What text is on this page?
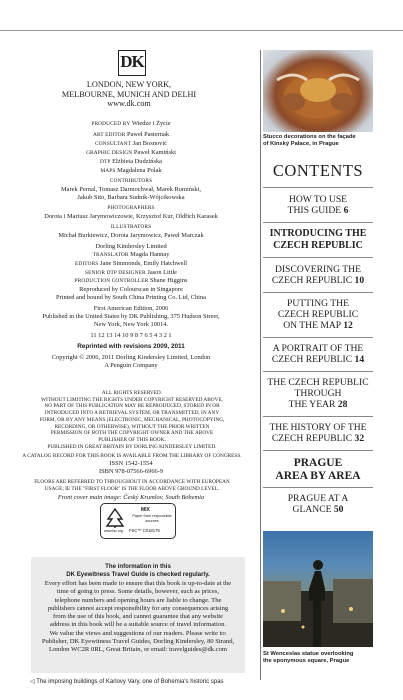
DK
LONDON, NEW YORK,
MELBOURNE, MUNICH AND DELHI
www.dk.com
PRODUCED BY Wiedze i Życie
ART EDITOR Paweł Pasternak
CONSULTANT Jan Bosnović
GRAPHIC DESIGN Paweł Kamiński
DTP Elżbieta Dudzińska
MAPS Magdalena Polak
CONTRIBUTORS
Marek Pernal, Tomasz Darmochwał, Marek Rumiński,
Jakub Sito, Barbara Sudnik-Wójcikowska
PHOTOGRAPHERS
Dorota i Mariusz Jarymowiczowie, Krzysztof Kur, Oldřich Karasek
ILLUSTRATORS
Michał Burkiewicz, Dorota Jarymowicz, Paweł Marczak
Dorling Kindersley Limited
TRANSLATOR Magda Hannay
EDITORS Jane Simmonds, Emily Hatchwell
SENIOR DTP DESIGNER Jason Little
PRODUCTION CONTROLLER Shane Higgins
Reproduced by Colourscan in Singapore
Printed and bound by South China Printing Co. Ltd, China
First American Edition, 2006
Published in the United States by DK Publishing, 375 Hudson Street,
New York, New York 10014.
11 12 13 14 10 9 8 7 6 5 4 3 2 1
Reprinted with revisions 2009, 2011
Copyright © 2006, 2011 Dorling Kindersley Limited, London
A Penguin Company
ALL RIGHTS RESERVED.
WITHOUT LIMITING THE RIGHTS UNDER COPYRIGHT RESERVED ABOVE,
NO PART OF THIS PUBLICATION MAY BE REPRODUCED, STORED IN OR
INTRODUCED INTO A RETRIEVAL SYSTEM, OR TRANSMITTED, IN ANY
FORM, OR BY ANY MEANS (ELECTRONIC, MECHANICAL, PHOTOCOPYING,
RECORDING, OR OTHERWISE), WITHOUT THE PRIOR WRITTEN
PERMISSION OF BOTH THE COPYRIGHT OWNER AND THE ABOVE
PUBLISHER OF THIS BOOK.
PUBLISHED IN GREAT BRITAIN BY DORLING KINDERSLEY LIMITED.
A CATALOG RECORD FOR THIS BOOK IS AVAILABLE FROM THE LIBRARY OF CONGRESS.
ISSN 1542-1554
ISBN 978-07566-6966-9
FLOORS ARE REFERRED TO THROUGHOUT IN ACCORDANCE WITH EUROPEAN
USAGE; IE THE "FIRST FLOOR" IS THE FLOOR ABOVE GROUND LEVEL.
Front cover main image: Český Krumlov, South Bohemia
www.fsc.org
MIX
Paper from responsible sources
FSC™ C018179
The information in this
DK Eyewitness Travel Guide is checked regularly.
Every effort has been made to ensure that this book is up-to-date at the
time of going to press. Some details, however, such as prices,
telephone numbers and opening hours are liable to change. The
publishers cannot accept responsibility for any consequences arising
from the use of this book, and cannot guarantee that any website
address in this book will be a suitable source of travel information.
We value the views and suggestions of our readers. Please write to:
Publisher, DK Eyewitness Travel Guides, Dorling Kindersley, 80 Strand,
London WC2R 0RL, Great Britain, or email: travelguides@dk.com
◁ The imposing buildings of Karlovy Vary, one of Bohemia's historic spas
Stucco decorations on the façade
of Kinský Palace, in Prague
CONTENTS
HOW TO USE
THIS GUIDE 6
INTRODUCING THE
CZECH REPUBLIC
DISCOVERING THE
CZECH REPUBLIC 10
PUTTING THE
CZECH REPUBLIC
ON THE MAP 12
A PORTRAIT OF THE
CZECH REPUBLIC 14
THE CZECH REPUBLIC
THROUGH
THE YEAR 28
THE HISTORY OF THE
CZECH REPUBLIC 32
PRAGUE
AREA BY AREA
PRAGUE AT A
GLANCE 50
St Wenceslas statue overlooking
the eponymous square, Prague
